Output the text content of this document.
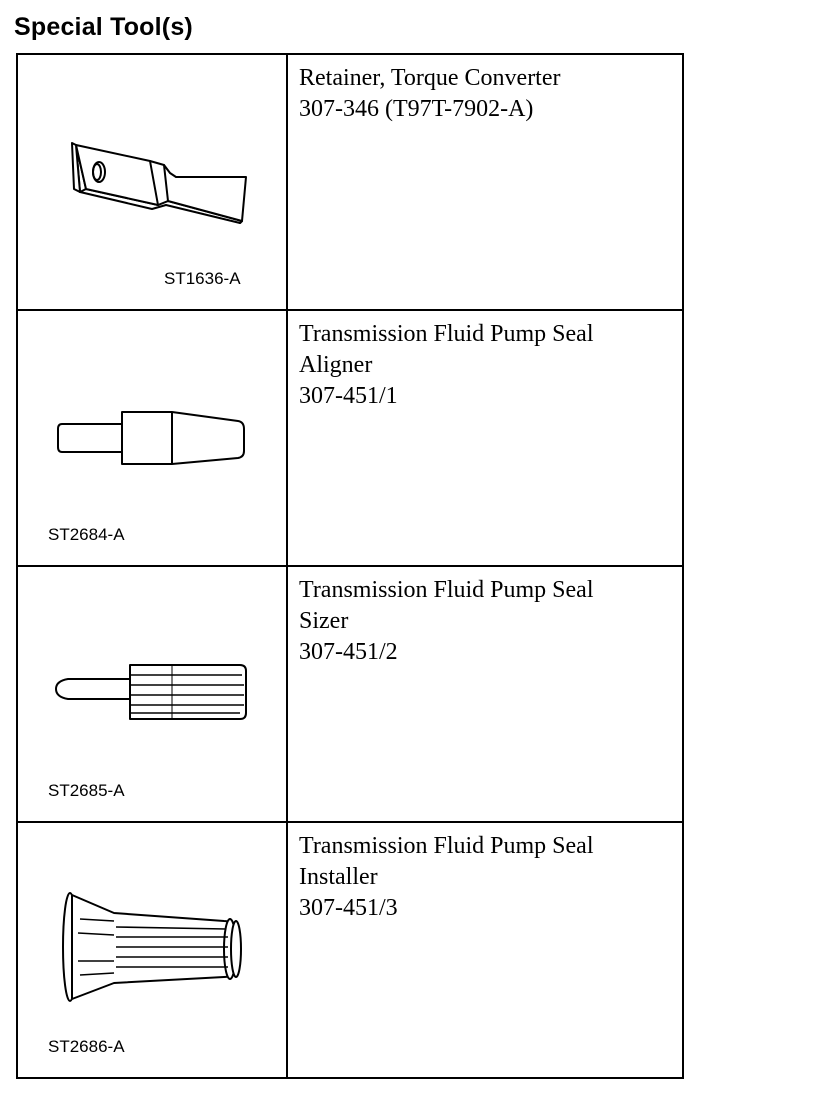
Special Tool(s)
ST1636-A	Retainer, Torque Converter
307-346 (T97T-7902-A)

ST2684-A	Transmission Fluid Pump Seal
Aligner
307-451/1

ST2685-A	Transmission Fluid Pump Seal
Sizer
307-451/2

ST2686-A	Transmission Fluid Pump Seal
Installer
307-451/3
